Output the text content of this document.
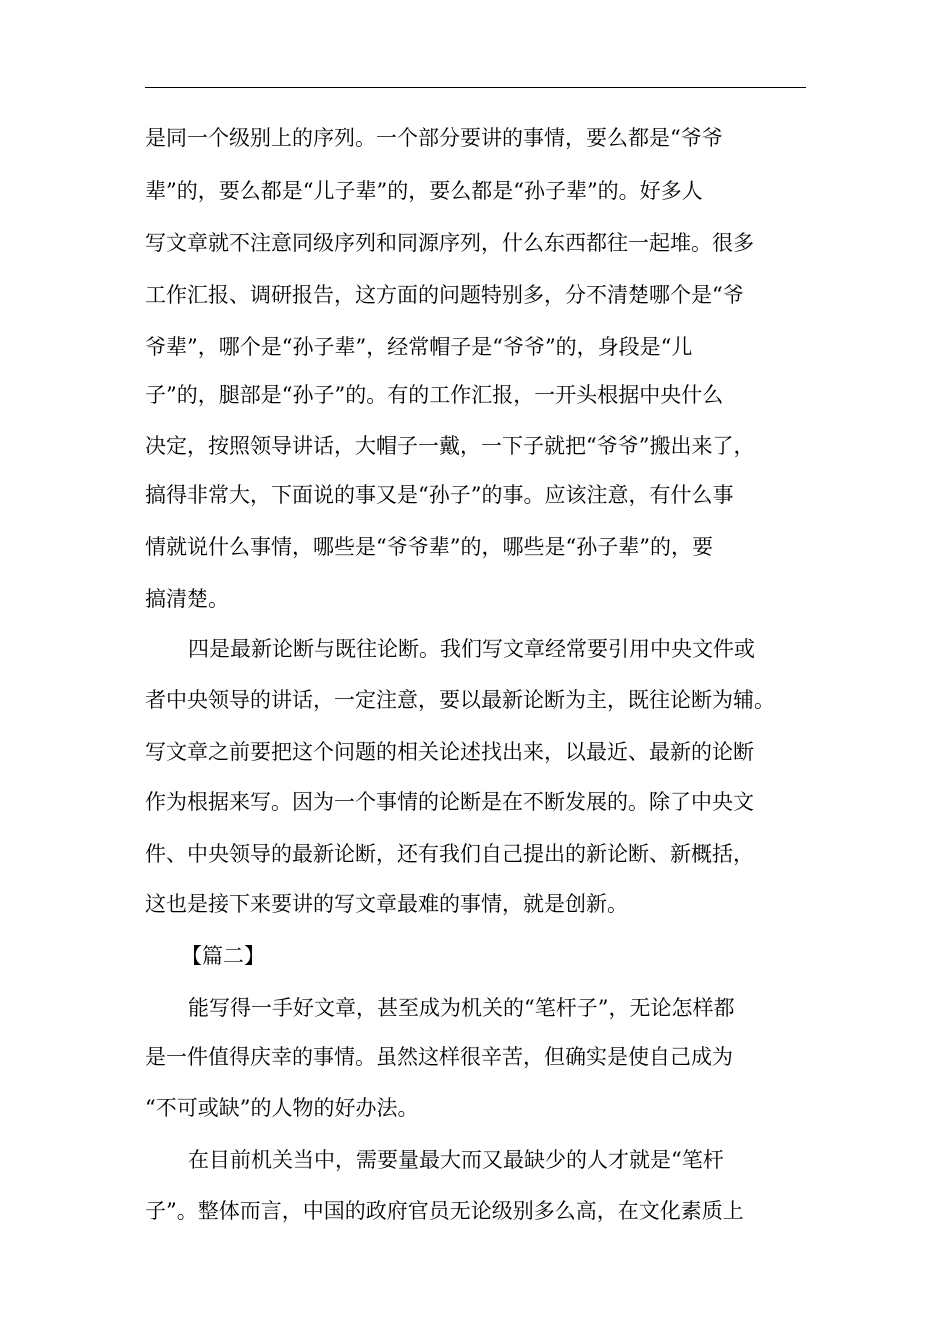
是同一个级别上的序列。一个部分要讲的事情，要么都是“爷爷
辈”的，要么都是“儿子辈”的，要么都是“孙子辈”的。好多人
写文章就不注意同级序列和同源序列，什么东西都往一起堆。很多
工作汇报、调研报告，这方面的问题特别多，分不清楚哪个是“爷
爷辈”，哪个是“孙子辈”，经常帽子是“爷爷”的，身段是“儿
子”的，腿部是“孙子”的。有的工作汇报，一开头根据中央什么
决定，按照领导讲话，大帽子一戴，一下子就把“爷爷”搬出来了，
搞得非常大，下面说的事又是“孙子”的事。应该注意，有什么事
情就说什么事情，哪些是“爷爷辈”的，哪些是“孙子辈”的，要
搞清楚。
四是最新论断与既往论断。我们写文章经常要引用中央文件或
者中央领导的讲话，一定注意，要以最新论断为主，既往论断为辅。
写文章之前要把这个问题的相关论述找出来，以最近、最新的论断
作为根据来写。因为一个事情的论断是在不断发展的。除了中央文
件、中央领导的最新论断，还有我们自己提出的新论断、新概括，
这也是接下来要讲的写文章最难的事情，就是创新。
【篇二】
能写得一手好文章，甚至成为机关的“笔杆子”，无论怎样都
是一件值得庆幸的事情。虽然这样很辛苦，但确实是使自己成为
“不可或缺”的人物的好办法。
在目前机关当中，需要量最大而又最缺少的人才就是“笔杆
子”。整体而言，中国的政府官员无论级别多么高，在文化素质上
